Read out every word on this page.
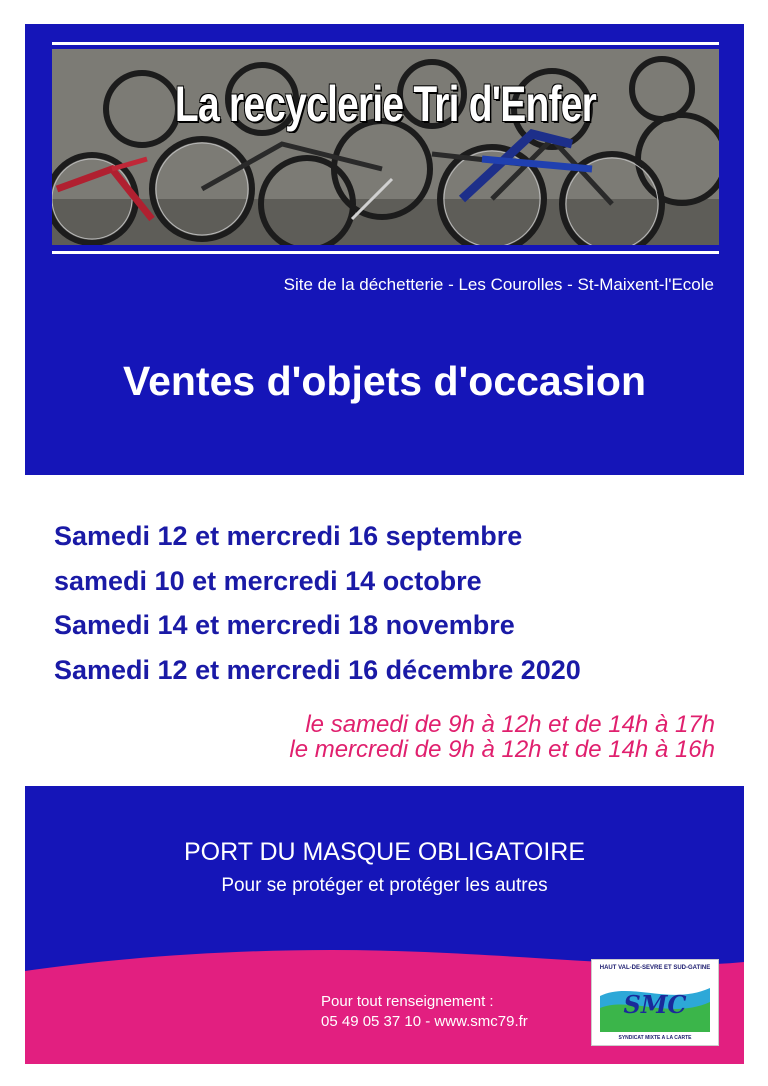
La recyclerie Tri d'Enfer
Site de la déchetterie - Les Courolles - St-Maixent-l'Ecole
Ventes d'objets d'occasion
Samedi 12 et mercredi 16 septembre
samedi 10 et mercredi 14 octobre
Samedi 14 et mercredi 18 novembre
Samedi 12 et mercredi 16 décembre 2020
le samedi de 9h à 12h et de 14h à 17h
le mercredi de 9h à 12h et de 14h à 16h
PORT DU MASQUE OBLIGATOIRE
Pour se protéger et protéger les autres
Pour tout renseignement :
05 49 05 37 10 - www.smc79.fr
HAUT VAL-DE-SEVRE ET SUD-GATINE
SMC
SYNDICAT MIXTE A LA CARTE
